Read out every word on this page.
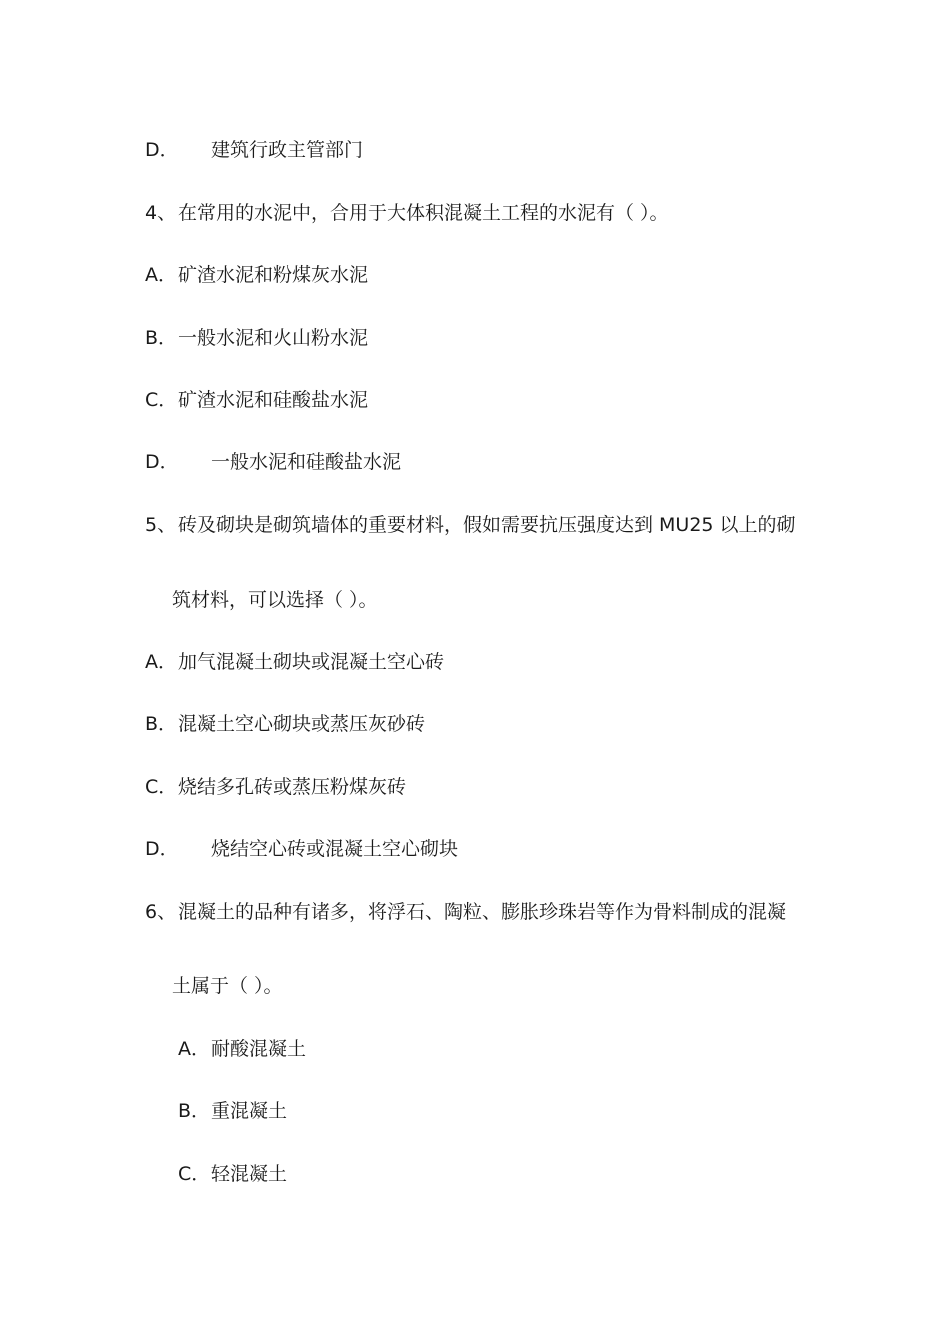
D． 建筑行政主管部门
4、 在常用的水泥中，合用于大体积混凝土工程的水泥有（ ）。
A．矿渣水泥和粉煤灰水泥
B．一般水泥和火山粉水泥
C．矿渣水泥和硅酸盐水泥
D． 一般水泥和硅酸盐水泥
5、 砖及砌块是砌筑墙体的重要材料，假如需要抗压强度达到 MU25 以上的砌
筑材料，可以选择（ ）。
A．加气混凝土砌块或混凝土空心砖
B．混凝土空心砌块或蒸压灰砂砖
C．烧结多孔砖或蒸压粉煤灰砖
D． 烧结空心砖或混凝土空心砌块
6、 混凝土的品种有诸多，将浮石、陶粒、膨胀珍珠岩等作为骨料制成的混凝
土属于（ ）。
A．耐酸混凝土
B．重混凝土
C．轻混凝土
